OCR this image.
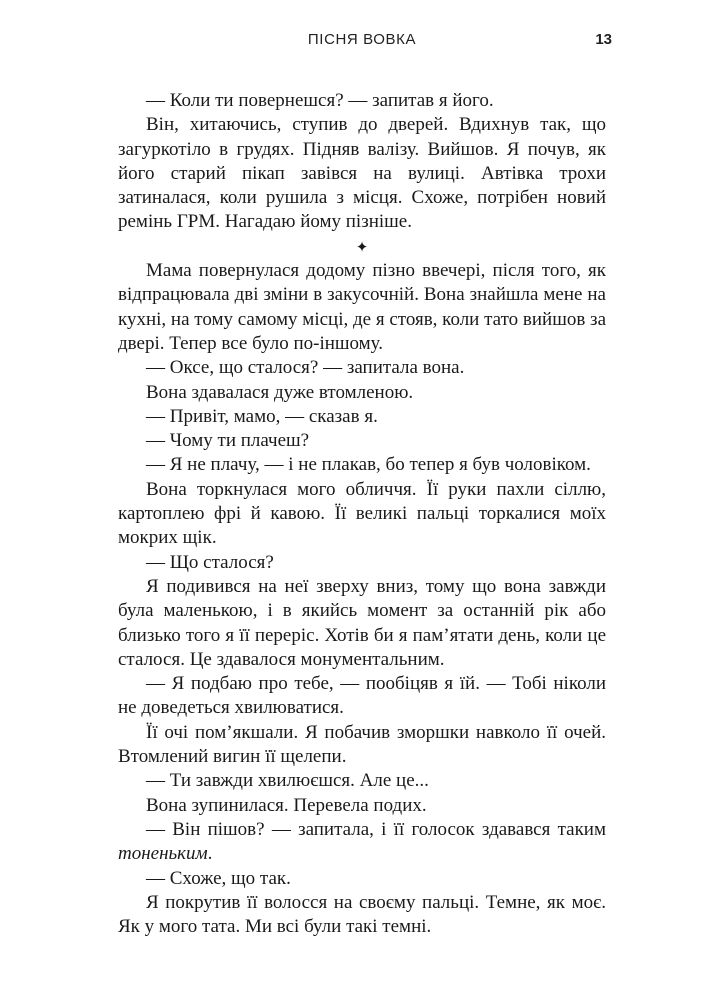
ПІСНЯ ВОВКА	13

— Коли ти повернешся? — запитав я його.

Він, хитаючись, ступив до дверей. Вдихнув так, що загуркотіло в грудях. Підняв валізу. Вийшов. Я почув, як його старий пікап завівся на вулиці. Автівка трохи затиналася, коли рушила з місця. Схоже, потрібен новий ремінь ГРМ. Нагадаю йому пізніше.

✦

Мама повернулася додому пізно ввечері, після того, як відпрацювала дві зміни в закусочній. Вона знайшла мене на кухні, на тому самому місці, де я стояв, коли тато вийшов за двері. Тепер все було по-іншому.

— Оксе, що сталося? — запитала вона.

Вона здавалася дуже втомленою.

— Привіт, мамо, — сказав я.

— Чому ти плачеш?

— Я не плачу, — і не плакав, бо тепер я був чоловіком.

Вона торкнулася мого обличчя. Її руки пахли сіллю, картоплею фрі й кавою. Її великі пальці торкалися моїх мокрих щік.

— Що сталося?

Я подивився на неї зверху вниз, тому що вона завжди була маленькою, і в якийсь момент за останній рік або близько того я її переріс. Хотів би я пам’ятати день, коли це сталося. Це здавалося монументальним.

— Я подбаю про тебе, — пообіцяв я їй. — Тобі ніколи не доведеться хвилюватися.

Її очі пом’якшали. Я побачив зморшки навколо її очей. Втомлений вигин її щелепи.

— Ти завжди хвилюєшся. Але це...

Вона зупинилася. Перевела подих.

— Він пішов? — запитала, і її голосок здавався таким тоненьким.

— Схоже, що так.

Я покрутив її волосся на своєму пальці. Темне, як моє. Як у мого тата. Ми всі були такі темні.
